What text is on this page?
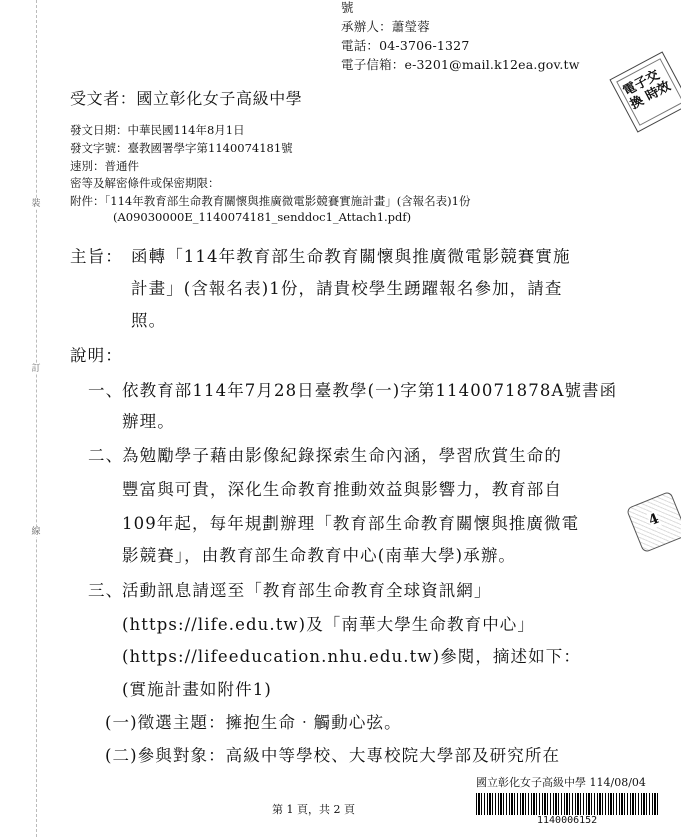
裝
訂
線
號
承辦人：蕭瑩蓉
電話：04-3706-1327
電子信箱：e-3201@mail.k12ea.gov.tw
電子交換 時效
受文者：國立彰化女子高級中學
發文日期：中華民國114年8月1日
發文字號：臺教國署學字第1140074181號
速別：普通件
密等及解密條件或保密期限：
附件：「114年教育部生命教育關懷與推廣微電影競賽實施計畫」(含報名表)1份
(A09030000E_1140074181_senddoc1_Attach1.pdf)
主旨： 函轉「114年教育部生命教育關懷與推廣微電影競賽實施
計畫」(含報名表)1份，請貴校學生踴躍報名參加，請查
照。
說明：
一、
依教育部114年7月28日臺教學(一)字第1140071878A號書函
辦理。
二、
為勉勵學子藉由影像紀錄探索生命內涵，學習欣賞生命的
豐富與可貴，深化生命教育推動效益與影響力，教育部自
109年起，每年規劃辦理「教育部生命教育關懷與推廣微電
影競賽」，由教育部生命教育中心(南華大學)承辦。
4
三、
活動訊息請逕至「教育部生命教育全球資訊網」
(https://life.edu.tw)及「南華大學生命教育中心」
(https://lifeeducation.nhu.edu.tw)參閱，摘述如下：
(實施計畫如附件1)
(一)徵選主題：擁抱生命‧觸動心弦。
(二)參與對象：高級中等學校、大專校院大學部及研究所在
國立彰化女子高級中學 114/08/04
第 1 頁，共 2 頁
1140006152
